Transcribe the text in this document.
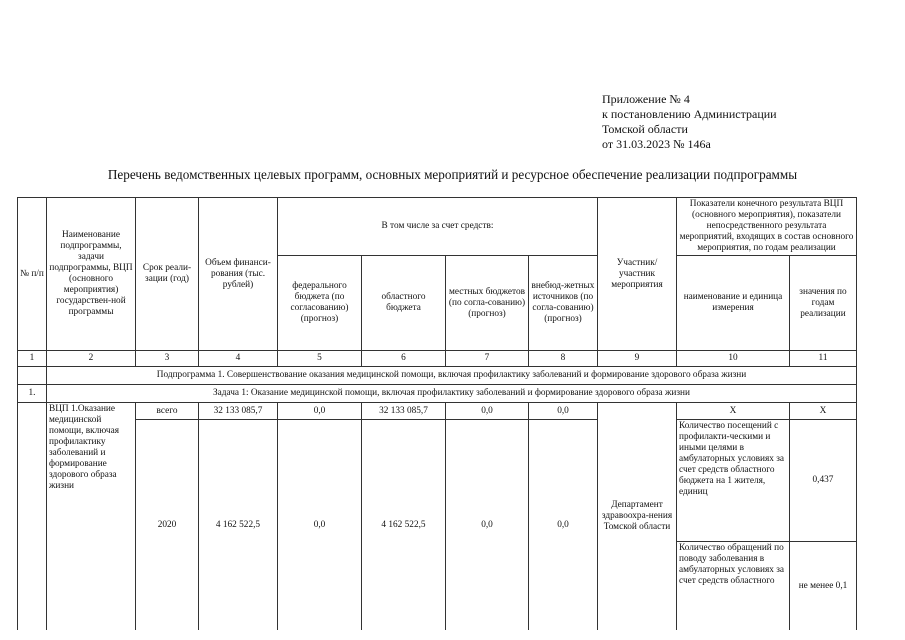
Приложение № 4
к постановлению Администрации
Томской области
от 31.03.2023 № 146а
Перечень ведомственных целевых программ, основных мероприятий и ресурсное обеспечение реализации подпрограммы
№ п/п	Наименование подпрограммы, задачи подпрограммы, ВЦП (основного мероприятия) государствен-ной программы	Срок реали-зации (год)	Объем финанси-рования (тыс. рублей)	В том числе за счет средств:				Участник/ участник мероприятия	Показатели конечного результата ВЦП (основного мероприятия), показатели непосредственного результата мероприятий, входящих в состав основного мероприятия, по годам реализации	
				федерального бюджета (по согласованию) (прогноз)	областного бюджета	местных бюджетов (по согла-сованию) (прогноз)	внебюд-жетных источников (по согла-сованию) (прогноз)		наименование и единица измерения	значения по годам реализации
1	2	3	4	5	6	7	8	9	10	11
	Подпрограмма 1. Совершенствование оказания медицинской помощи, включая профилактику заболеваний и формирование здорового образа жизни									
1.	Задача 1: Оказание медицинской помощи, включая профилактику заболеваний и формирование здорового образа жизни									
	ВЦП 1.Оказание медицинской помощи, включая профилактику заболеваний и формирование здорового образа жизни	всего	32 133 085,7	0,0	32 133 085,7	0,0	0,0	Департамент здравоохра-нения Томской области	Х	Х
		2020	4 162 522,5	0,0	4 162 522,5	0,0	0,0		Количество посещений с профилакти-ческими и иными целями в амбулаторных условиях за счет средств областного бюджета на 1 жителя, единиц	0,437
									Количество обращений по поводу заболевания в амбулаторных условиях за счет средств областного	не менее 0,1
